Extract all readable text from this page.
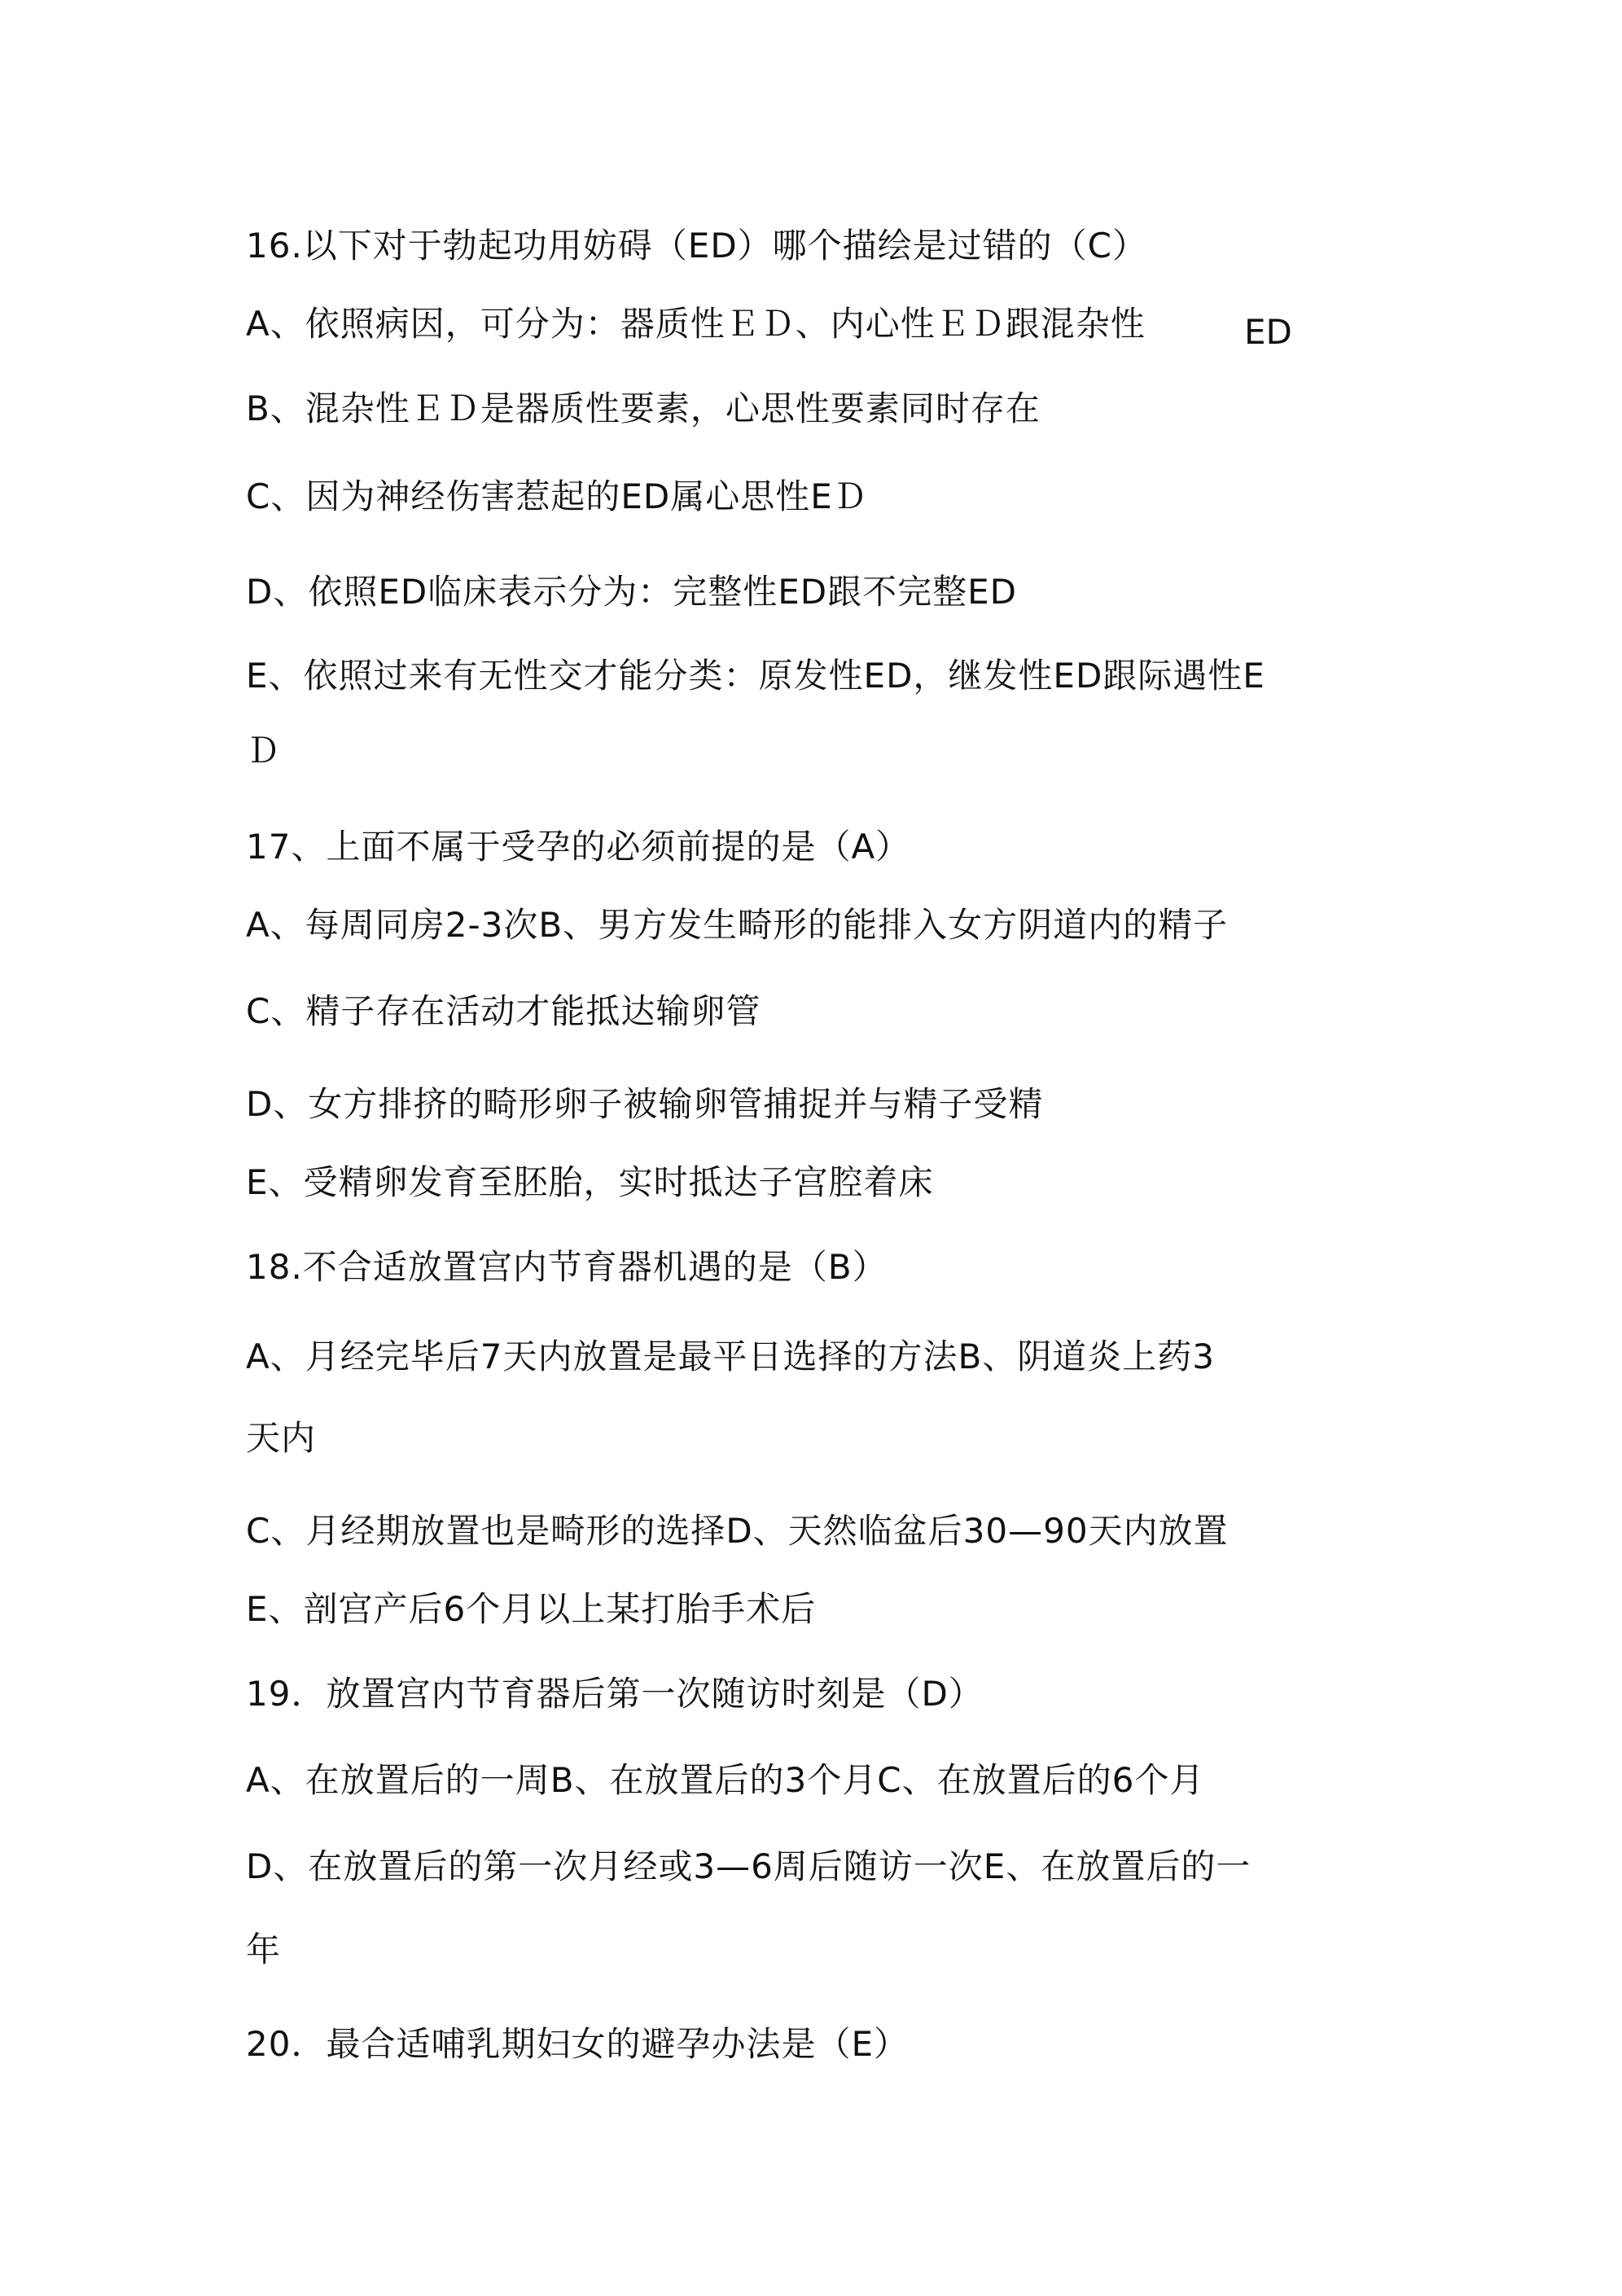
16.以下对于勃起功用妨碍（ED）哪个描绘是过错的（C）
A、依照病因，可分为：器质性ＥＤ、内心性ＥＤ跟混杂性	ED
B、混杂性ＥＤ是器质性要素，心思性要素同时存在
C、因为神经伤害惹起的ED属心思性EＤ
D、依照ED临床表示分为：完整性ED跟不完整ED
E、依照过来有无性交才能分类：原发性ED，继发性ED跟际遇性E
Ｄ
17、上面不属于受孕的必须前提的是（A）
A、每周同房2-3次B、男方发生畸形的能排入女方阴道内的精子
C、精子存在活动才能抵达输卵管
D、女方排挤的畸形卵子被输卵管捕捉并与精子受精
E、受精卵发育至胚胎，实时抵达子宫腔着床
18.不合适放置宫内节育器机遇的是（B）
A、月经完毕后7天内放置是最平日选择的方法B、阴道炎上药3
天内
C、月经期放置也是畸形的选择D、天然临盆后30—90天内放置
E、剖宫产后6个月以上某打胎手术后
19．放置宫内节育器后第一次随访时刻是（D）
A、在放置后的一周B、在放置后的3个月C、在放置后的6个月
D、在放置后的第一次月经或3—6周后随访一次E、在放置后的一
年
20．最合适哺乳期妇女的避孕办法是（E）
